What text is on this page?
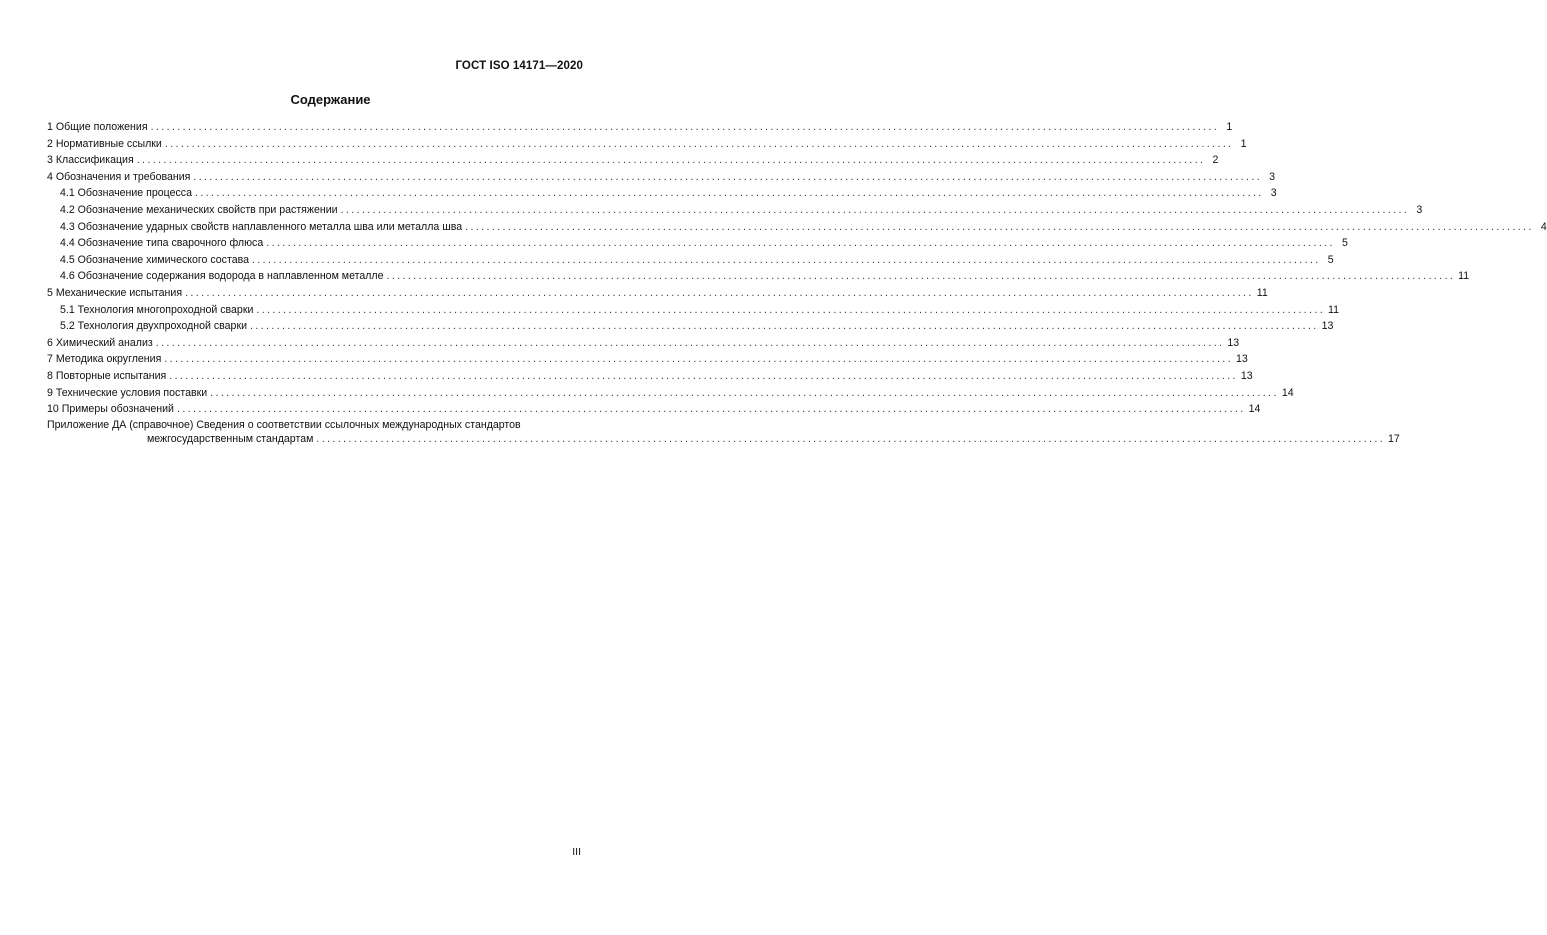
ГОСТ ISO 14171—2020
Содержание
1 Общие положения ........................................................................................................................................................................................................ 1
2 Нормативные ссылки ........................................................................................................................................................................................................ 1
3 Классификация ........................................................................................................................................................................................................ 2
4 Обозначения и требования ........................................................................................................................................................................................................ 3
4.1 Обозначение процесса ........................................................................................................................................................................................................ 3
4.2 Обозначение механических свойств при растяжении ........................................................................................................................................................................................................ 3
4.3 Обозначение ударных свойств наплавленного металла шва или металла шва ........................................................................................................................................................................................................ 4
4.4 Обозначение типа сварочного флюса ........................................................................................................................................................................................................ 5
4.5 Обозначение химического состава ........................................................................................................................................................................................................ 5
4.6 Обозначение содержания водорода в наплавленном металле ........................................................................................................................................................................................................ 11
5 Механические испытания ........................................................................................................................................................................................................ 11
5.1 Технология многопроходной сварки ........................................................................................................................................................................................................ 11
5.2 Технология двухпроходной сварки ........................................................................................................................................................................................................ 13
6 Химический анализ ........................................................................................................................................................................................................ 13
7 Методика округления ........................................................................................................................................................................................................ 13
8 Повторные испытания ........................................................................................................................................................................................................ 13
9 Технические условия поставки ........................................................................................................................................................................................................ 14
10 Примеры обозначений ........................................................................................................................................................................................................ 14
Приложение ДА (справочное) Сведения о соответствии ссылочных международных стандартов
межгосударственным стандартам ........................................................................................................................................................................................................ 17
III
